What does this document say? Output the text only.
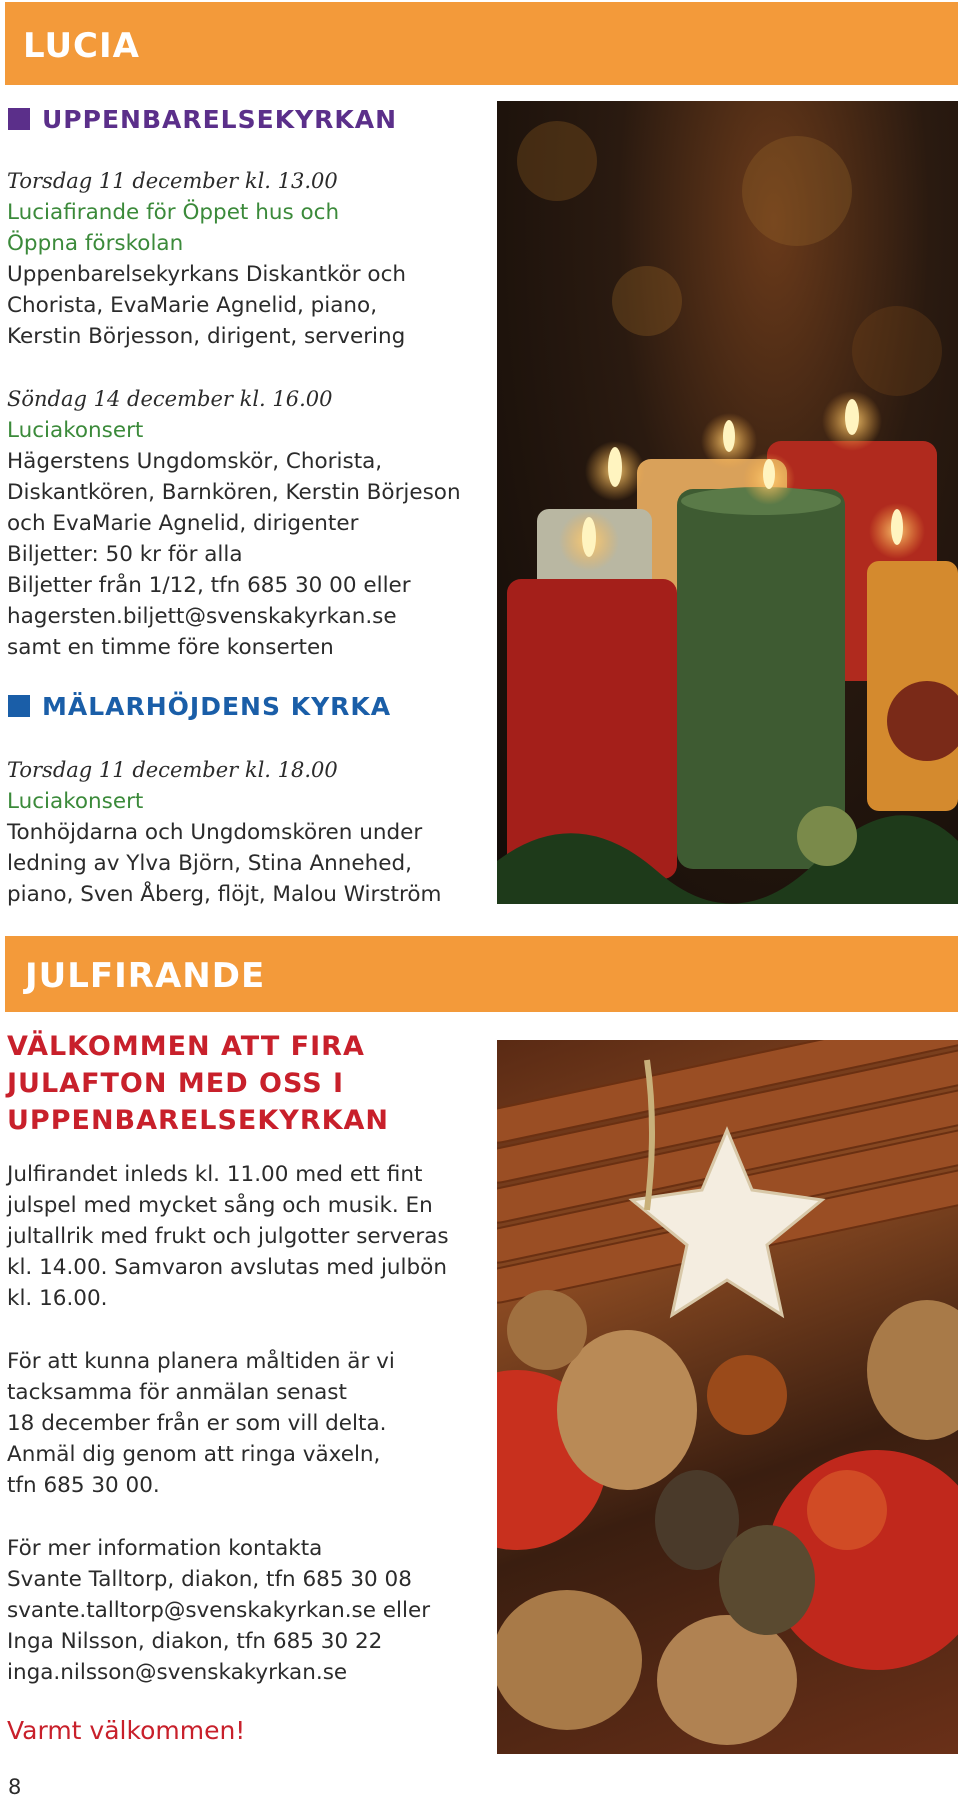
LUCIA
UPPENBARELSEKYRKAN
Torsdag 11 december kl. 13.00
Luciafirande för Öppet hus och
Öppna förskolan
Uppenbarelsekyrkans Diskantkör och
Chorista, EvaMarie Agnelid, piano,
Kerstin Börjesson, dirigent, servering
Söndag 14 december kl. 16.00
Luciakonsert
Hägerstens Ungdomskör, Chorista,
Diskantkören, Barnkören, Kerstin Börjeson
och EvaMarie Agnelid, dirigenter
Biljetter: 50 kr för alla
Biljetter från 1/12, tfn 685 30 00 eller
hagersten.biljett@svenskakyrkan.se
samt en timme före konserten
MÄLARHÖJDENS KYRKA
Torsdag 11 december kl. 18.00
Luciakonsert
Tonhöjdarna och Ungdomskören under
ledning av Ylva Björn, Stina Annehed,
piano, Sven Åberg, flöjt, Malou Wirström
JULFIRANDE
VÄLKOMMEN ATT FIRA
JULAFTON MED OSS I
UPPENBARELSEKYRKAN
Julfirandet inleds kl. 11.00 med ett fint
julspel med mycket sång och musik. En
jultallrik med frukt och julgotter serveras
kl. 14.00. Samvaron avslutas med julbön
kl. 16.00.
För att kunna planera måltiden är vi
tacksamma för anmälan senast
18 december från er som vill delta.
Anmäl dig genom att ringa växeln,
tfn 685 30 00.
För mer information kontakta
Svante Talltorp, diakon, tfn 685 30 08
svante.talltorp@svenskakyrkan.se eller
Inga Nilsson, diakon, tfn 685 30 22
inga.nilsson@svenskakyrkan.se
Varmt välkommen!
8
